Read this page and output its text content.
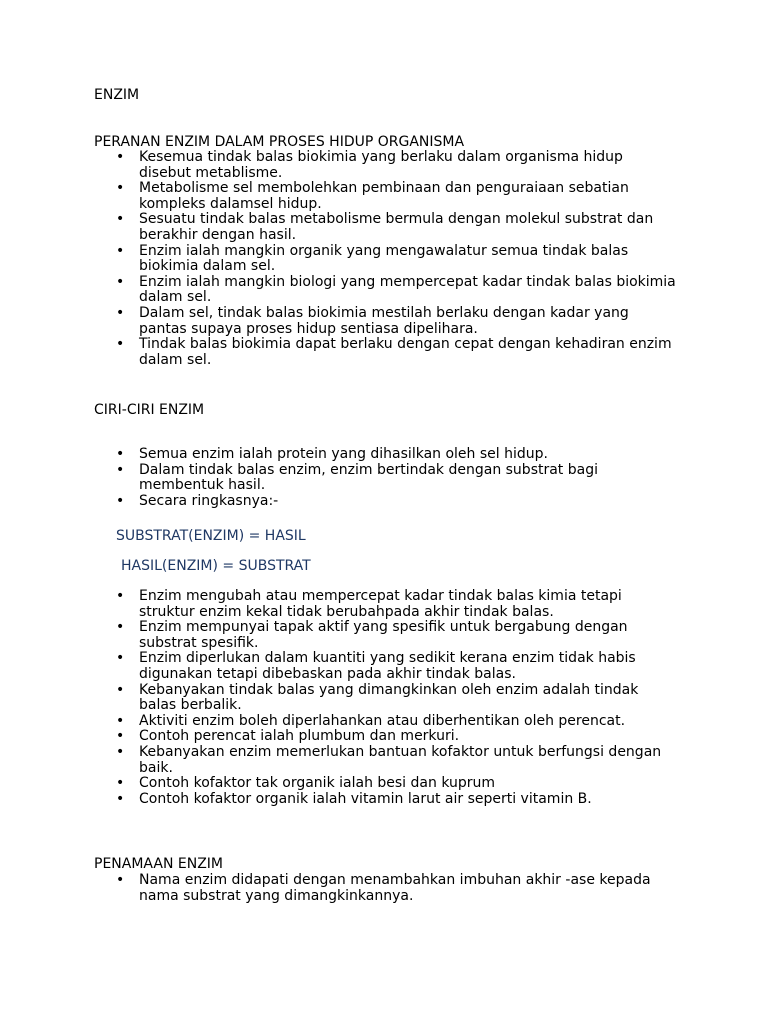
ENZIM
PERANAN ENZIM DALAM PROSES HIDUP ORGANISMA
• Kesemua tindak balas biokimia yang berlaku dalam organisma hidup disebut metablisme.
• Metabolisme sel membolehkan pembinaan dan penguraiaan sebatian kompleks dalamsel hidup.
• Sesuatu tindak balas metabolisme bermula dengan molekul substrat dan berakhir dengan hasil.
• Enzim ialah mangkin organik yang mengawalatur semua tindak balas biokimia dalam sel.
• Enzim ialah mangkin biologi yang mempercepat kadar tindak balas biokimia dalam sel.
• Dalam sel, tindak balas biokimia mestilah berlaku dengan kadar yang pantas supaya proses hidup sentiasa dipelihara.
• Tindak balas biokimia dapat berlaku dengan cepat dengan kehadiran enzim dalam sel.
CIRI-CIRI ENZIM
• Semua enzim ialah protein yang dihasilkan oleh sel hidup.
• Dalam tindak balas enzim, enzim bertindak dengan substrat bagi membentuk hasil.
• Secara ringkasnya:-
SUBSTRAT(ENZIM) = HASIL
HASIL(ENZIM) = SUBSTRAT
• Enzim mengubah atau mempercepat kadar tindak balas kimia tetapi struktur enzim kekal tidak berubahpada akhir tindak balas.
• Enzim mempunyai tapak aktif yang spesifik untuk bergabung dengan substrat spesifik.
• Enzim diperlukan dalam kuantiti yang sedikit kerana enzim tidak habis digunakan tetapi dibebaskan pada akhir tindak balas.
• Kebanyakan tindak balas yang dimangkinkan oleh enzim adalah tindak balas berbalik.
• Aktiviti enzim boleh diperlahankan atau diberhentikan oleh perencat.
• Contoh perencat ialah plumbum dan merkuri.
• Kebanyakan enzim memerlukan bantuan kofaktor untuk berfungsi dengan baik.
• Contoh kofaktor tak organik ialah besi dan kuprum
• Contoh kofaktor organik ialah vitamin larut air seperti vitamin B.
PENAMAAN ENZIM
• Nama enzim didapati dengan menambahkan imbuhan akhir -ase kepada nama substrat yang dimangkinkannya.
